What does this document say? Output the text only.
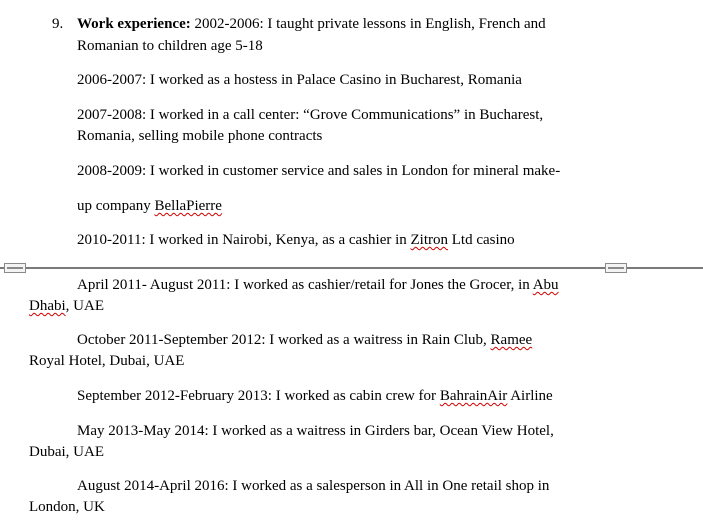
9. Work experience: 2002-2006: I taught private lessons in English, French and
Romanian to children age 5-18
2006-2007: I worked as a hostess in Palace Casino in Bucharest, Romania
2007-2008: I worked in a call center: “Grove Communications” in Bucharest,
Romania, selling mobile phone contracts
2008-2009: I worked in customer service and sales in London for mineral make-
up company BellaPierre
2010-2011: I worked in Nairobi, Kenya, as a cashier in Zitron Ltd casino
April 2011- August 2011: I worked as cashier/retail for Jones the Grocer, in Abu
Dhabi, UAE
October 2011-September 2012: I worked as a waitress in Rain Club, Ramee
Royal Hotel, Dubai, UAE
September 2012-February 2013: I worked as cabin crew for BahrainAir Airline
May 2013-May 2014: I worked as a waitress in Girders bar, Ocean View Hotel,
Dubai, UAE
August 2014-April 2016: I worked as a salesperson in All in One retail shop in
London, UK
